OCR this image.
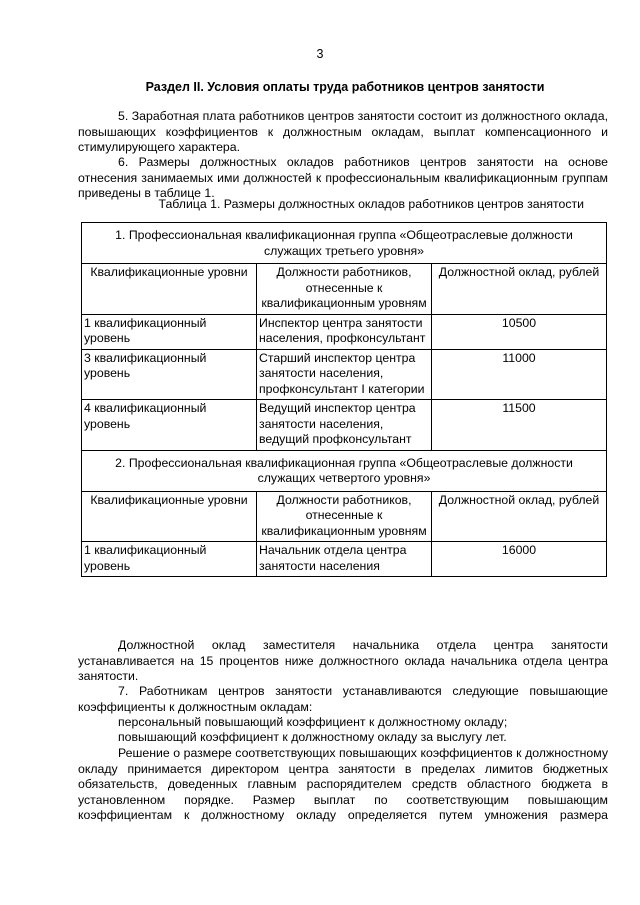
3
Раздел II. Условия оплаты труда работников центров занятости
5. Заработная плата работников центров занятости состоит из должностного оклада, повышающих коэффициентов к должностным окладам, выплат компенсационного и стимулирующего характера.
6. Размеры должностных окладов работников центров занятости на основе отнесения занимаемых ими должностей к профессиональным квалификационным группам приведены в таблице 1.
Таблица 1. Размеры должностных окладов работников центров занятости
1. Профессиональная квалификационная группа «Общеотраслевые должности служащих третьего уровня»		
Квалификационные уровни	Должности работников, отнесенные к квалификационным уровням	Должностной оклад, рублей
1 квалификационный уровень	Инспектор центра занятости населения, профконсультант	10500
3 квалификационный уровень	Старший инспектор центра занятости населения, профконсультант I категории	11000
4 квалификационный уровень	Ведущий инспектор центра занятости населения, ведущий профконсультант	11500
2. Профессиональная квалификационная группа «Общеотраслевые должности служащих четвертого уровня»		
Квалификационные уровни	Должности работников, отнесенные к квалификационным уровням	Должностной оклад, рублей
1 квалификационный уровень	Начальник отдела центра занятости населения	16000
Должностной оклад заместителя начальника отдела центра занятости устанавливается на 15 процентов ниже должностного оклада начальника отдела центра занятости.
7. Работникам центров занятости устанавливаются следующие повышающие коэффициенты к должностным окладам:
персональный повышающий коэффициент к должностному окладу;
повышающий коэффициент к должностному окладу за выслугу лет.
Решение о размере соответствующих повышающих коэффициентов к должностному окладу принимается директором центра занятости в пределах лимитов бюджетных обязательств, доведенных главным распорядителем средств областного бюджета в установленном порядке. Размер выплат по соответствующим повышающим коэффициентам к должностному окладу определяется путем умножения размера
